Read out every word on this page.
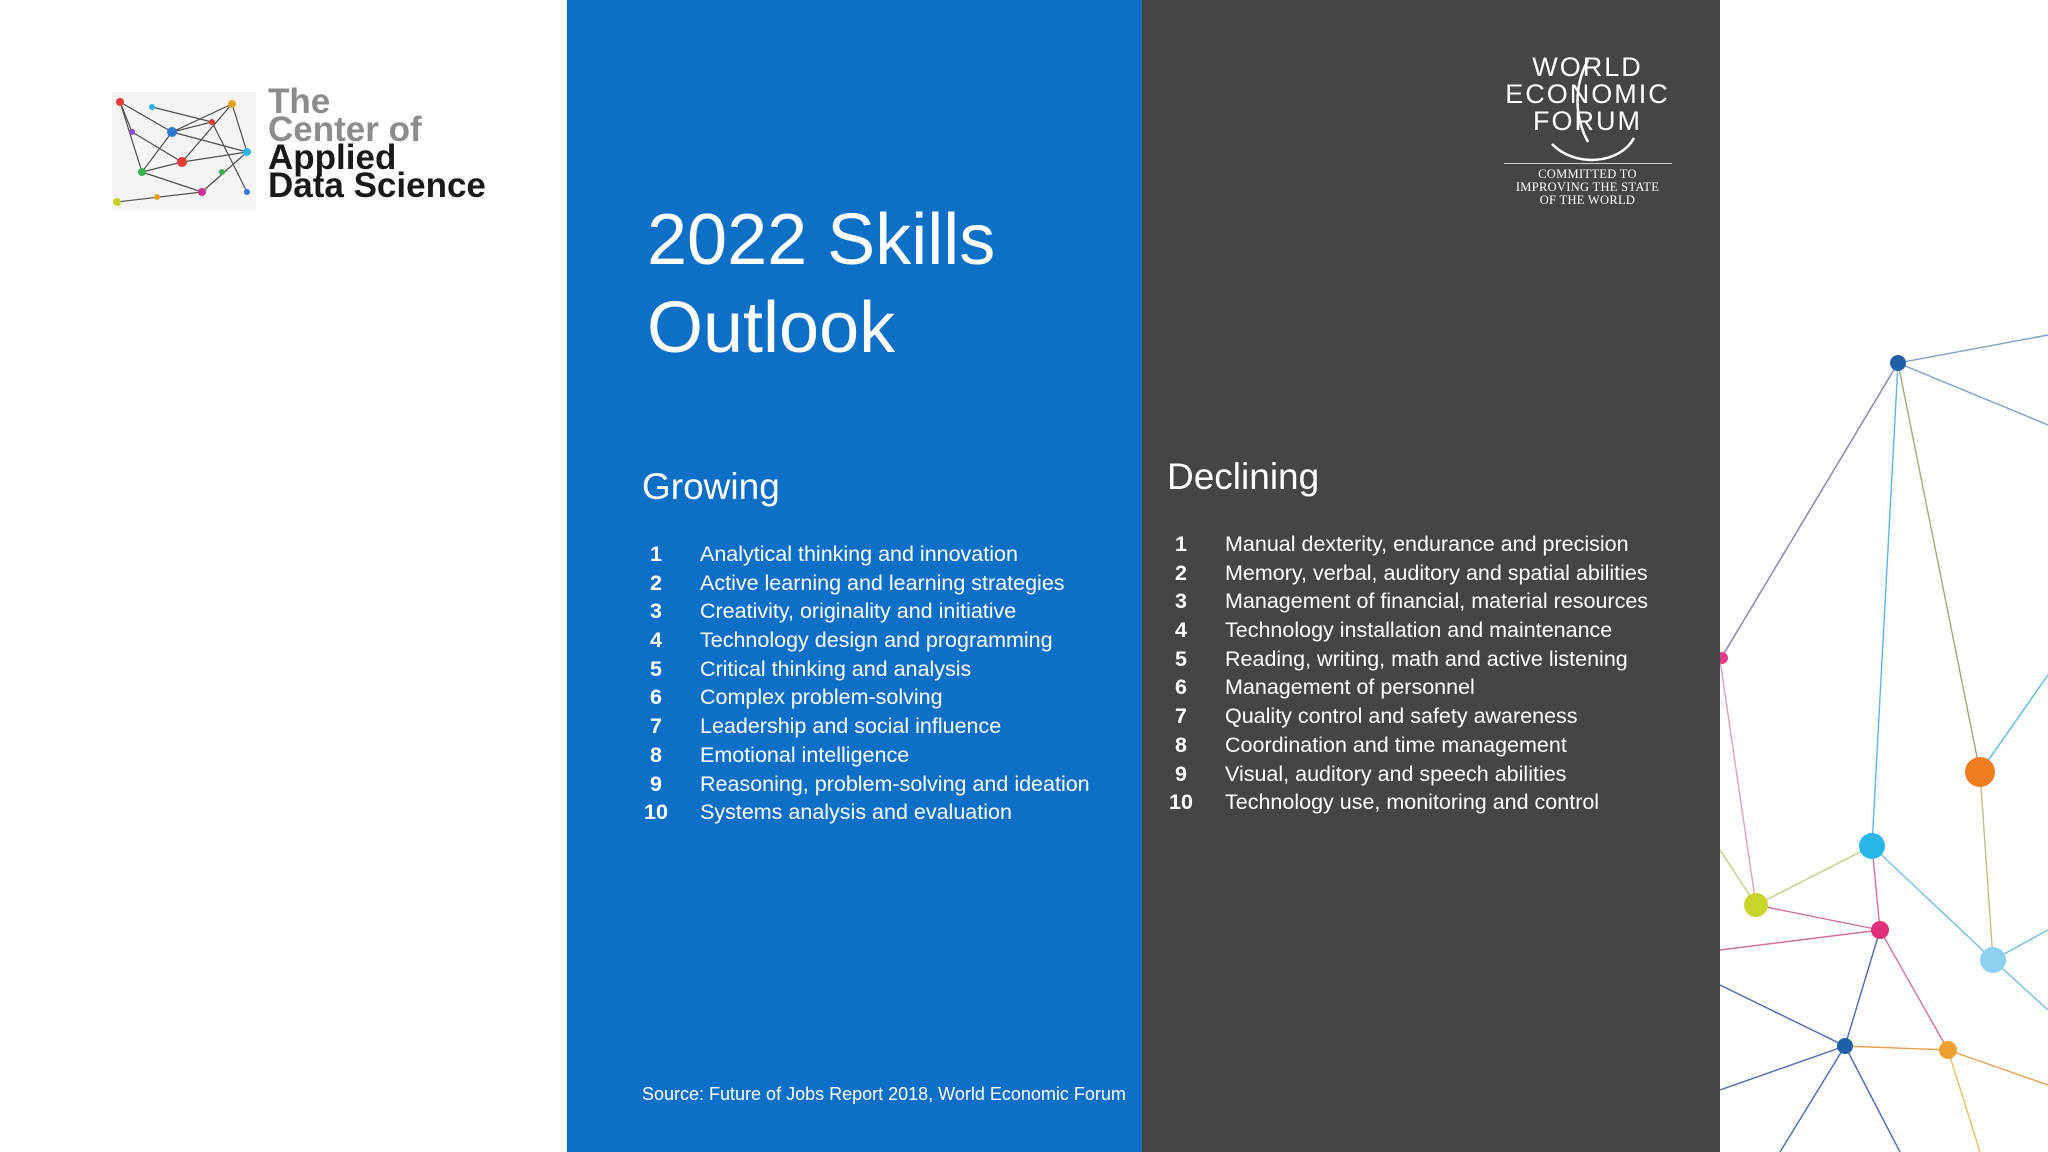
The
Center of
Applied
Data Science
2022 Skills
Outlook
Growing
1	Analytical thinking and innovation
2	Active learning and learning strategies
3	Creativity, originality and initiative
4	Technology design and programming
5	Critical thinking and analysis
6	Complex problem-solving
7	Leadership and social influence
8	Emotional intelligence
9	Reasoning, problem-solving and ideation
10 Systems analysis and evaluation
Declining
1	Manual dexterity, endurance and precision
2	Memory, verbal, auditory and spatial abilities
3	Management of financial, material resources
4	Technology installation and maintenance
5	Reading, writing, math and active listening
6	Management of personnel
7	Quality control and safety awareness
8	Coordination and time management
9	Visual, auditory and speech abilities
10 Technology use, monitoring and control
Source: Future of Jobs Report 2018, World Economic Forum

WORLD

ECONOMIC

FORUM

COMMITTED TO
IMPROVING THE STATE
OF THE WORLD
